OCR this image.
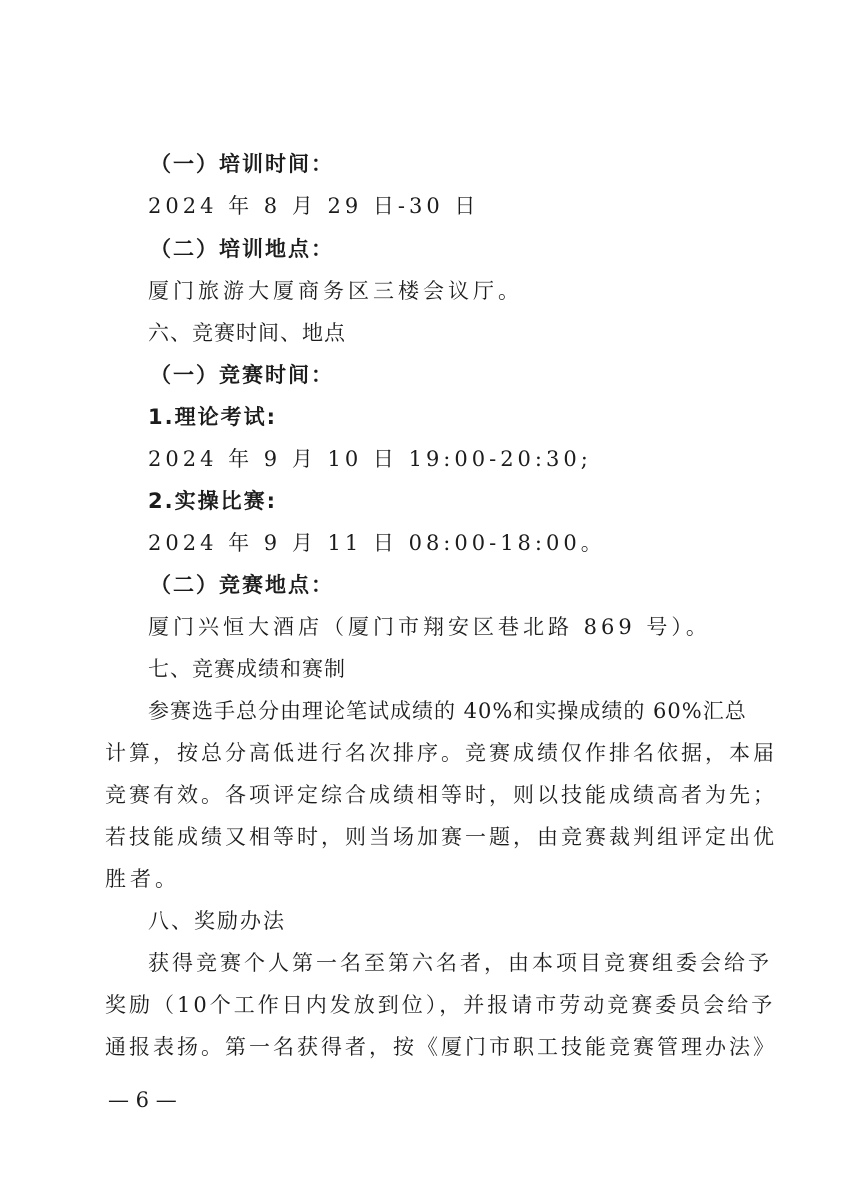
（一）培训时间：
2024 年 8 月 29 日-30 日
（二）培训地点：
厦门旅游大厦商务区三楼会议厅。
六、竞赛时间、地点
（一）竞赛时间：
1.理论考试:
2024 年 9 月 10 日 19:00-20:30;
2.实操比赛:
2024 年 9 月 11 日 08:00-18:00。
（二）竞赛地点：
厦门兴恒大酒店（厦门市翔安区巷北路 869 号）。
七、竞赛成绩和赛制
参赛选手总分由理论笔试成绩的 40%和实操成绩的 60%汇总
计算，按总分高低进行名次排序。竞赛成绩仅作排名依据，本届
竞赛有效。各项评定综合成绩相等时，则以技能成绩高者为先；
若技能成绩又相等时，则当场加赛一题，由竞赛裁判组评定出优
胜者。
八、奖励办法
获得竞赛个人第一名至第六名者，由本项目竞赛组委会给予
奖励（10个工作日内发放到位），并报请市劳动竞赛委员会给予
通报表扬。第一名获得者，按《厦门市职工技能竞赛管理办法》
— 6 —
